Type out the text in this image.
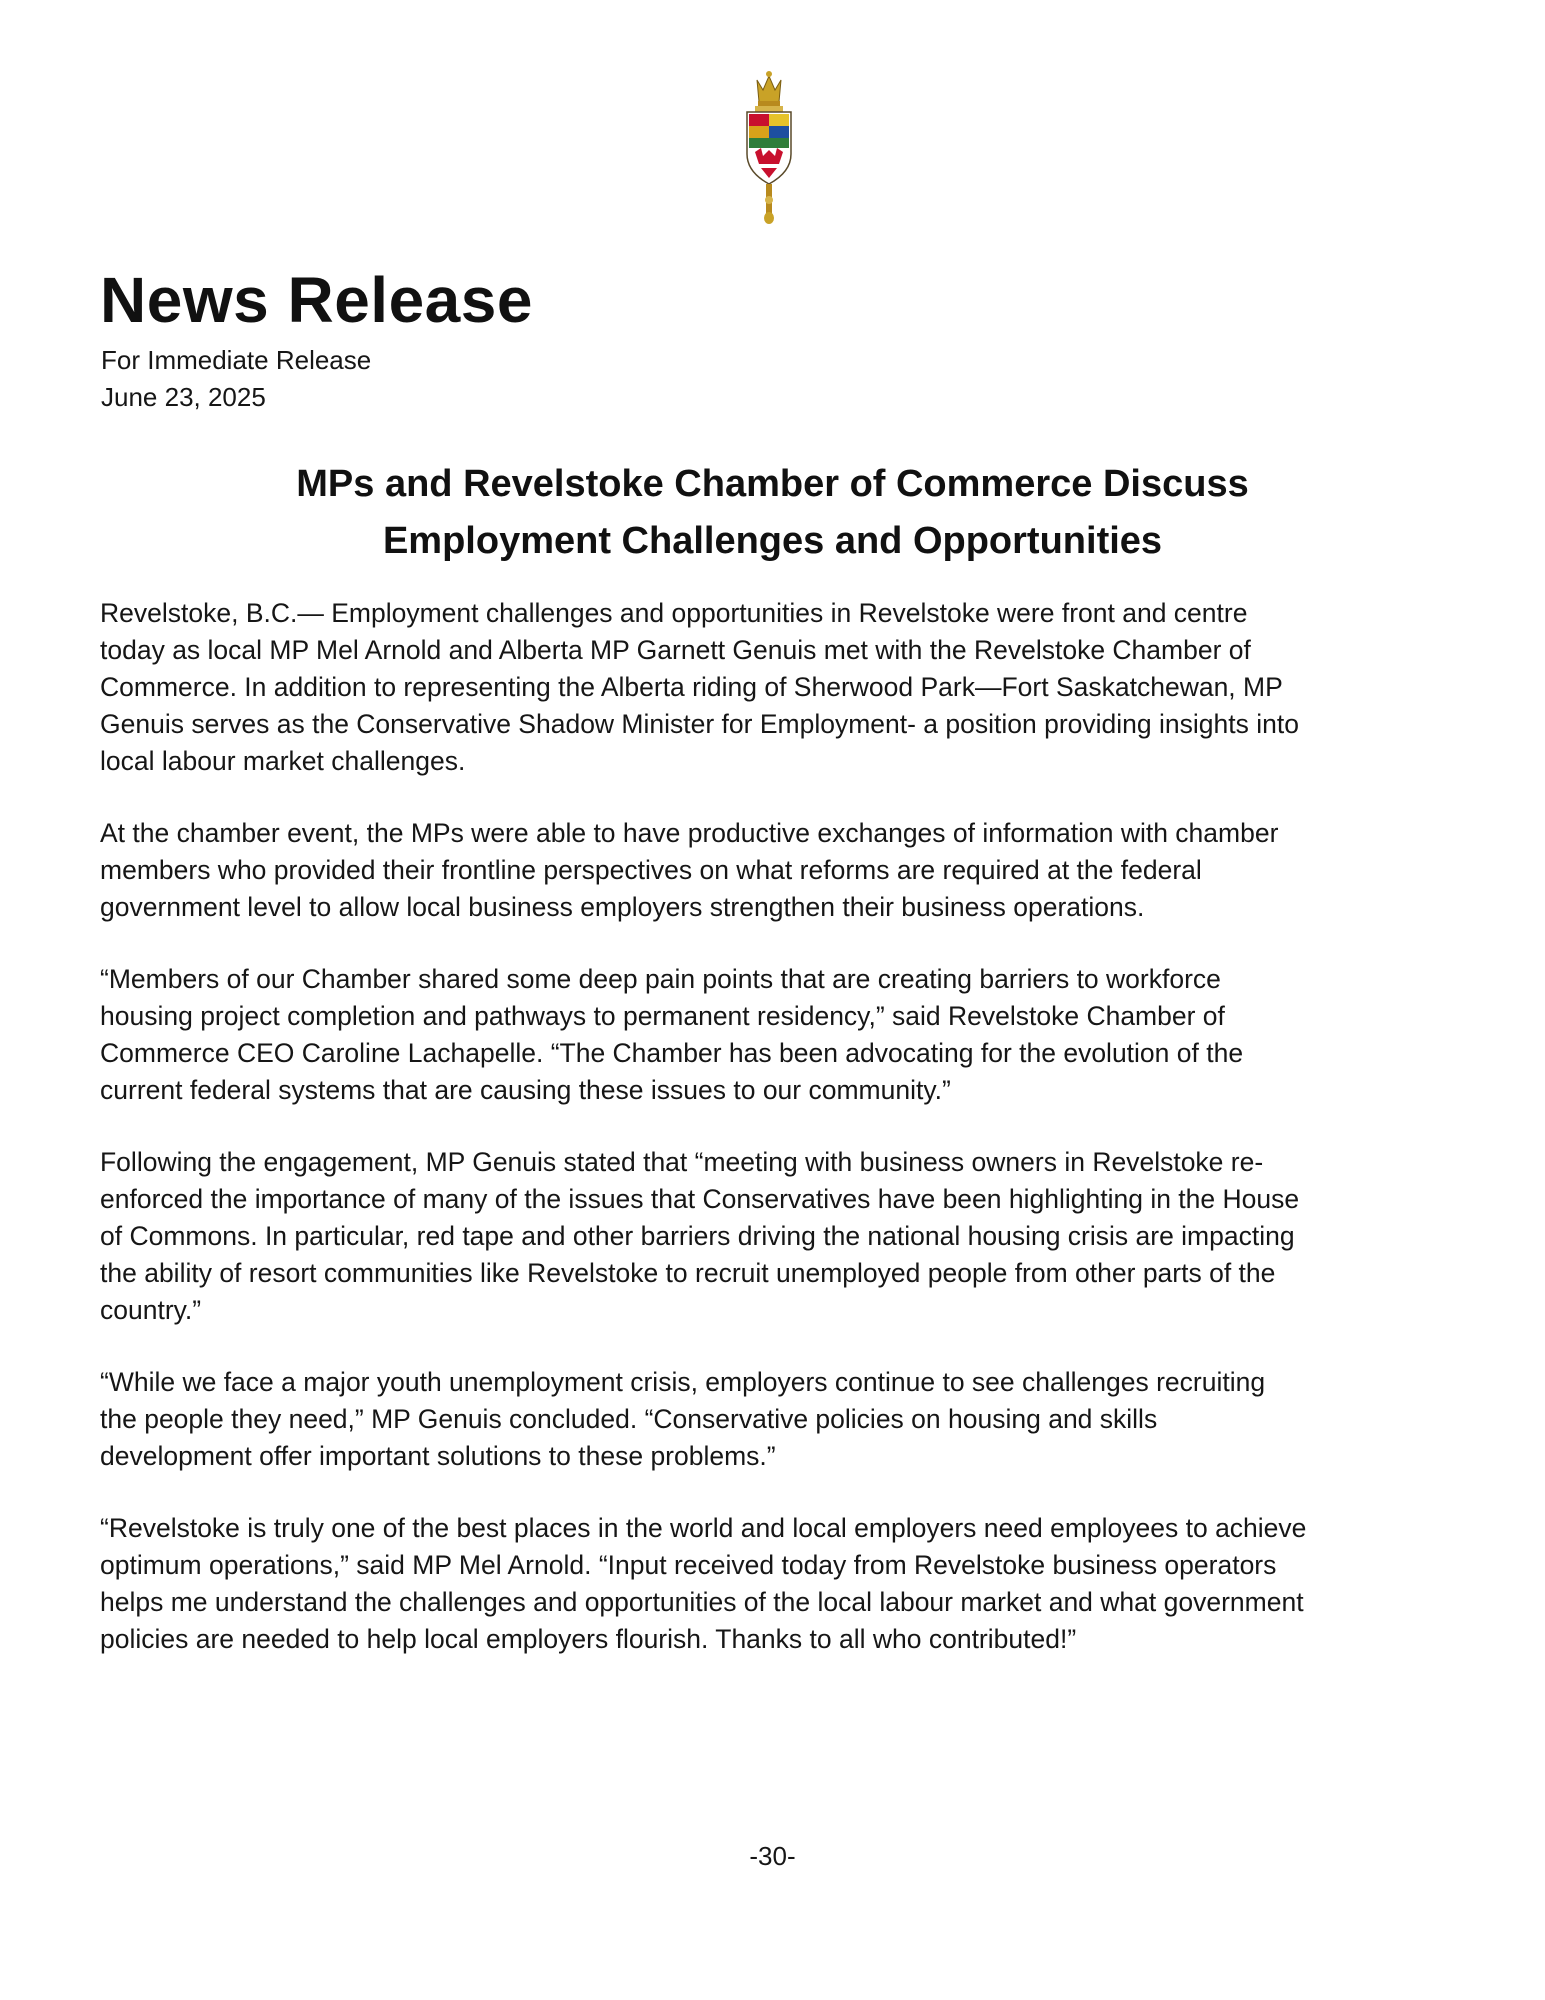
News Release

For Immediate Release

June 23, 2025

MPs and Revelstoke Chamber of Commerce Discuss
Employment Challenges and Opportunities
Revelstoke, B.C.— Employment challenges and opportunities in Revelstoke were front and centre
today as local MP Mel Arnold and Alberta MP Garnett Genuis met with the Revelstoke Chamber of
Commerce. In addition to representing the Alberta riding of Sherwood Park—Fort Saskatchewan, MP
Genuis serves as the Conservative Shadow Minister for Employment- a position providing insights into
local labour market challenges.
At the chamber event, the MPs were able to have productive exchanges of information with chamber
members who provided their frontline perspectives on what reforms are required at the federal
government level to allow local business employers strengthen their business operations.
“Members of our Chamber shared some deep pain points that are creating barriers to workforce
housing project completion and pathways to permanent residency,” said Revelstoke Chamber of
Commerce CEO Caroline Lachapelle. “The Chamber has been advocating for the evolution of the
current federal systems that are causing these issues to our community.”
Following the engagement, MP Genuis stated that “meeting with business owners in Revelstoke re-
enforced the importance of many of the issues that Conservatives have been highlighting in the House
of Commons. In particular, red tape and other barriers driving the national housing crisis are impacting
the ability of resort communities like Revelstoke to recruit unemployed people from other parts of the
country.”
“While we face a major youth unemployment crisis, employers continue to see challenges recruiting
the people they need,” MP Genuis concluded. “Conservative policies on housing and skills
development offer important solutions to these problems.”
“Revelstoke is truly one of the best places in the world and local employers need employees to achieve
optimum operations,” said MP Mel Arnold. “Input received today from Revelstoke business operators
helps me understand the challenges and opportunities of the local labour market and what government
policies are needed to help local employers flourish. Thanks to all who contributed!”
-30-
